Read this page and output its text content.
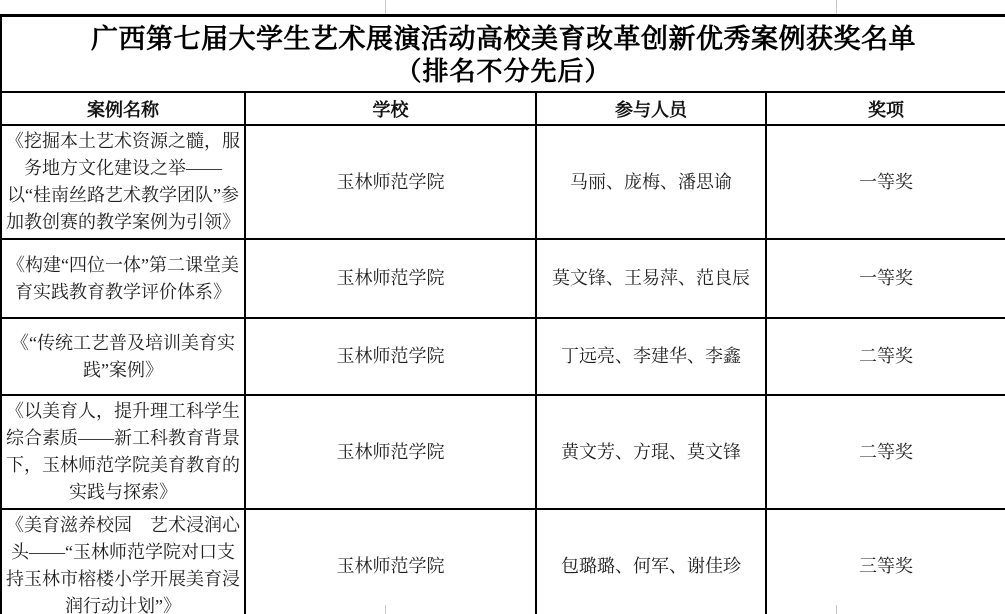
广西第七届大学生艺术展演活动高校美育改革创新优秀案例获奖名单
（排名不分先后）			

案例名称	学校	参与人员	奖项
《挖掘本土艺术资源之髓，服务地方文化建设之举——以“桂南丝路艺术教学团队”参加教创赛的教学案例为引领》	玉林师范学院	马丽、庞梅、潘思谕	一等奖
《构建“四位一体”第二课堂美育实践教育教学评价体系》	玉林师范学院	莫文锋、王易萍、范良辰	一等奖
《“传统工艺普及培训美育实践”案例》	玉林师范学院	丁远亮、李建华、李鑫	二等奖
《以美育人，提升理工科学生综合素质——新工科教育背景下，玉林师范学院美育教育的实践与探索》	玉林师范学院	黄文芳、方琨、莫文锋	二等奖
《美育滋养校园　艺术浸润心头——“玉林师范学院对口支持玉林市榕楼小学开展美育浸润行动计划”》	玉林师范学院	包璐璐、何军、谢佳珍	三等奖
